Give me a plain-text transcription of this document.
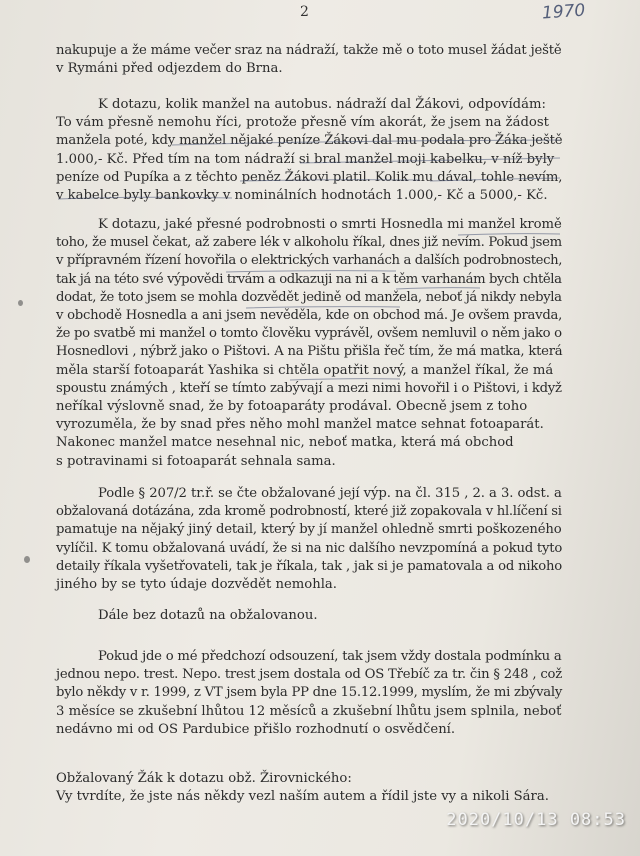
2	1970
nakupuje a že máme večer sraz na nádraží, takže mě o toto musel žádat ještě
v Rymáni před odjezdem do Brna.
K dotazu, kolik manžel na autobus. nádraží dal Žákovi, odpovídám:
To vám přesně nemohu říci, protože přesně vím akorát, že jsem na žádost
manžela poté, kdy manžel nějaké peníze Žákovi dal mu podala pro Žáka ještě
1.000,- Kč. Před tím na tom nádraží si bral manžel moji kabelku, v níž byly
peníze od Pupíka a z těchto peněz Žákovi platil. Kolik mu dával, tohle nevím,
v kabelce byly bankovky v nominálních hodnotách 1.000,- Kč a 5000,- Kč.
K dotazu, jaké přesné podrobnosti o smrti Hosnedla mi manžel kromě
toho, že musel čekat, až zabere lék v alkoholu říkal, dnes již nevím. Pokud jsem
v přípravném řízení hovořila o elektrických varhanách a dalších podrobnostech,
tak já na této své výpovědi trvám a odkazuji na ni a k těm varhanám bych chtěla
dodat, že toto jsem se mohla dozvědět jedině od manžela, neboť já nikdy nebyla
v obchodě Hosnedla a ani jsem nevěděla, kde on obchod má. Je ovšem pravda,
že po svatbě mi manžel o tomto člověku vyprávěl, ovšem nemluvil o něm jako o
Hosnedlovi , nýbrž jako o Pištovi. A na Pištu přišla řeč tím, že má matka, která
měla starší fotoaparát Yashika si chtěla opatřit nový, a manžel říkal, že má
spoustu známých , kteří se tímto zabývají a mezi nimi hovořil i o Pištovi, i když
neříkal výslovně snad, že by fotoaparáty prodával. Obecně jsem z toho
vyrozuměla, že by snad přes něho mohl manžel matce sehnat fotoaparát.
Nakonec manžel matce nesehnal nic, neboť matka, která má obchod
s potravinami si fotoaparát sehnala sama.
Podle § 207/2 tr.ř. se čte obžalované její výp. na čl. 315 , 2. a 3. odst. a
obžalovaná dotázána, zda kromě podrobností, které již zopakovala v hl.líčení si
pamatuje na nějaký jiný detail, který by jí manžel ohledně smrti poškozeného
vylíčil. K tomu obžalovaná uvádí, že si na nic dalšího nevzpomíná a pokud tyto
detaily říkala vyšetřovateli, tak je říkala, tak , jak si je pamatovala a od nikoho
jiného by se tyto údaje dozvědět nemohla.
Dále bez dotazů na obžalovanou.
Pokud jde o mé předchozí odsouzení, tak jsem vždy dostala podmínku a
jednou nepo. trest. Nepo. trest jsem dostala od OS Třebíč za tr. čin § 248 , což
bylo někdy v r. 1999, z VT jsem byla PP dne 15.12.1999, myslím, že mi zbývaly
3 měsíce se zkušební lhůtou 12 měsíců a zkušební lhůtu jsem splnila, neboť
nedávno mi od OS Pardubice přišlo rozhodnutí o osvědčení.
Obžalovaný Žák k dotazu obž. Žirovnického:
Vy tvrdíte, že jste nás někdy vezl naším autem a řídil jste vy a nikoli Sára.
2020/10/13 08:53
